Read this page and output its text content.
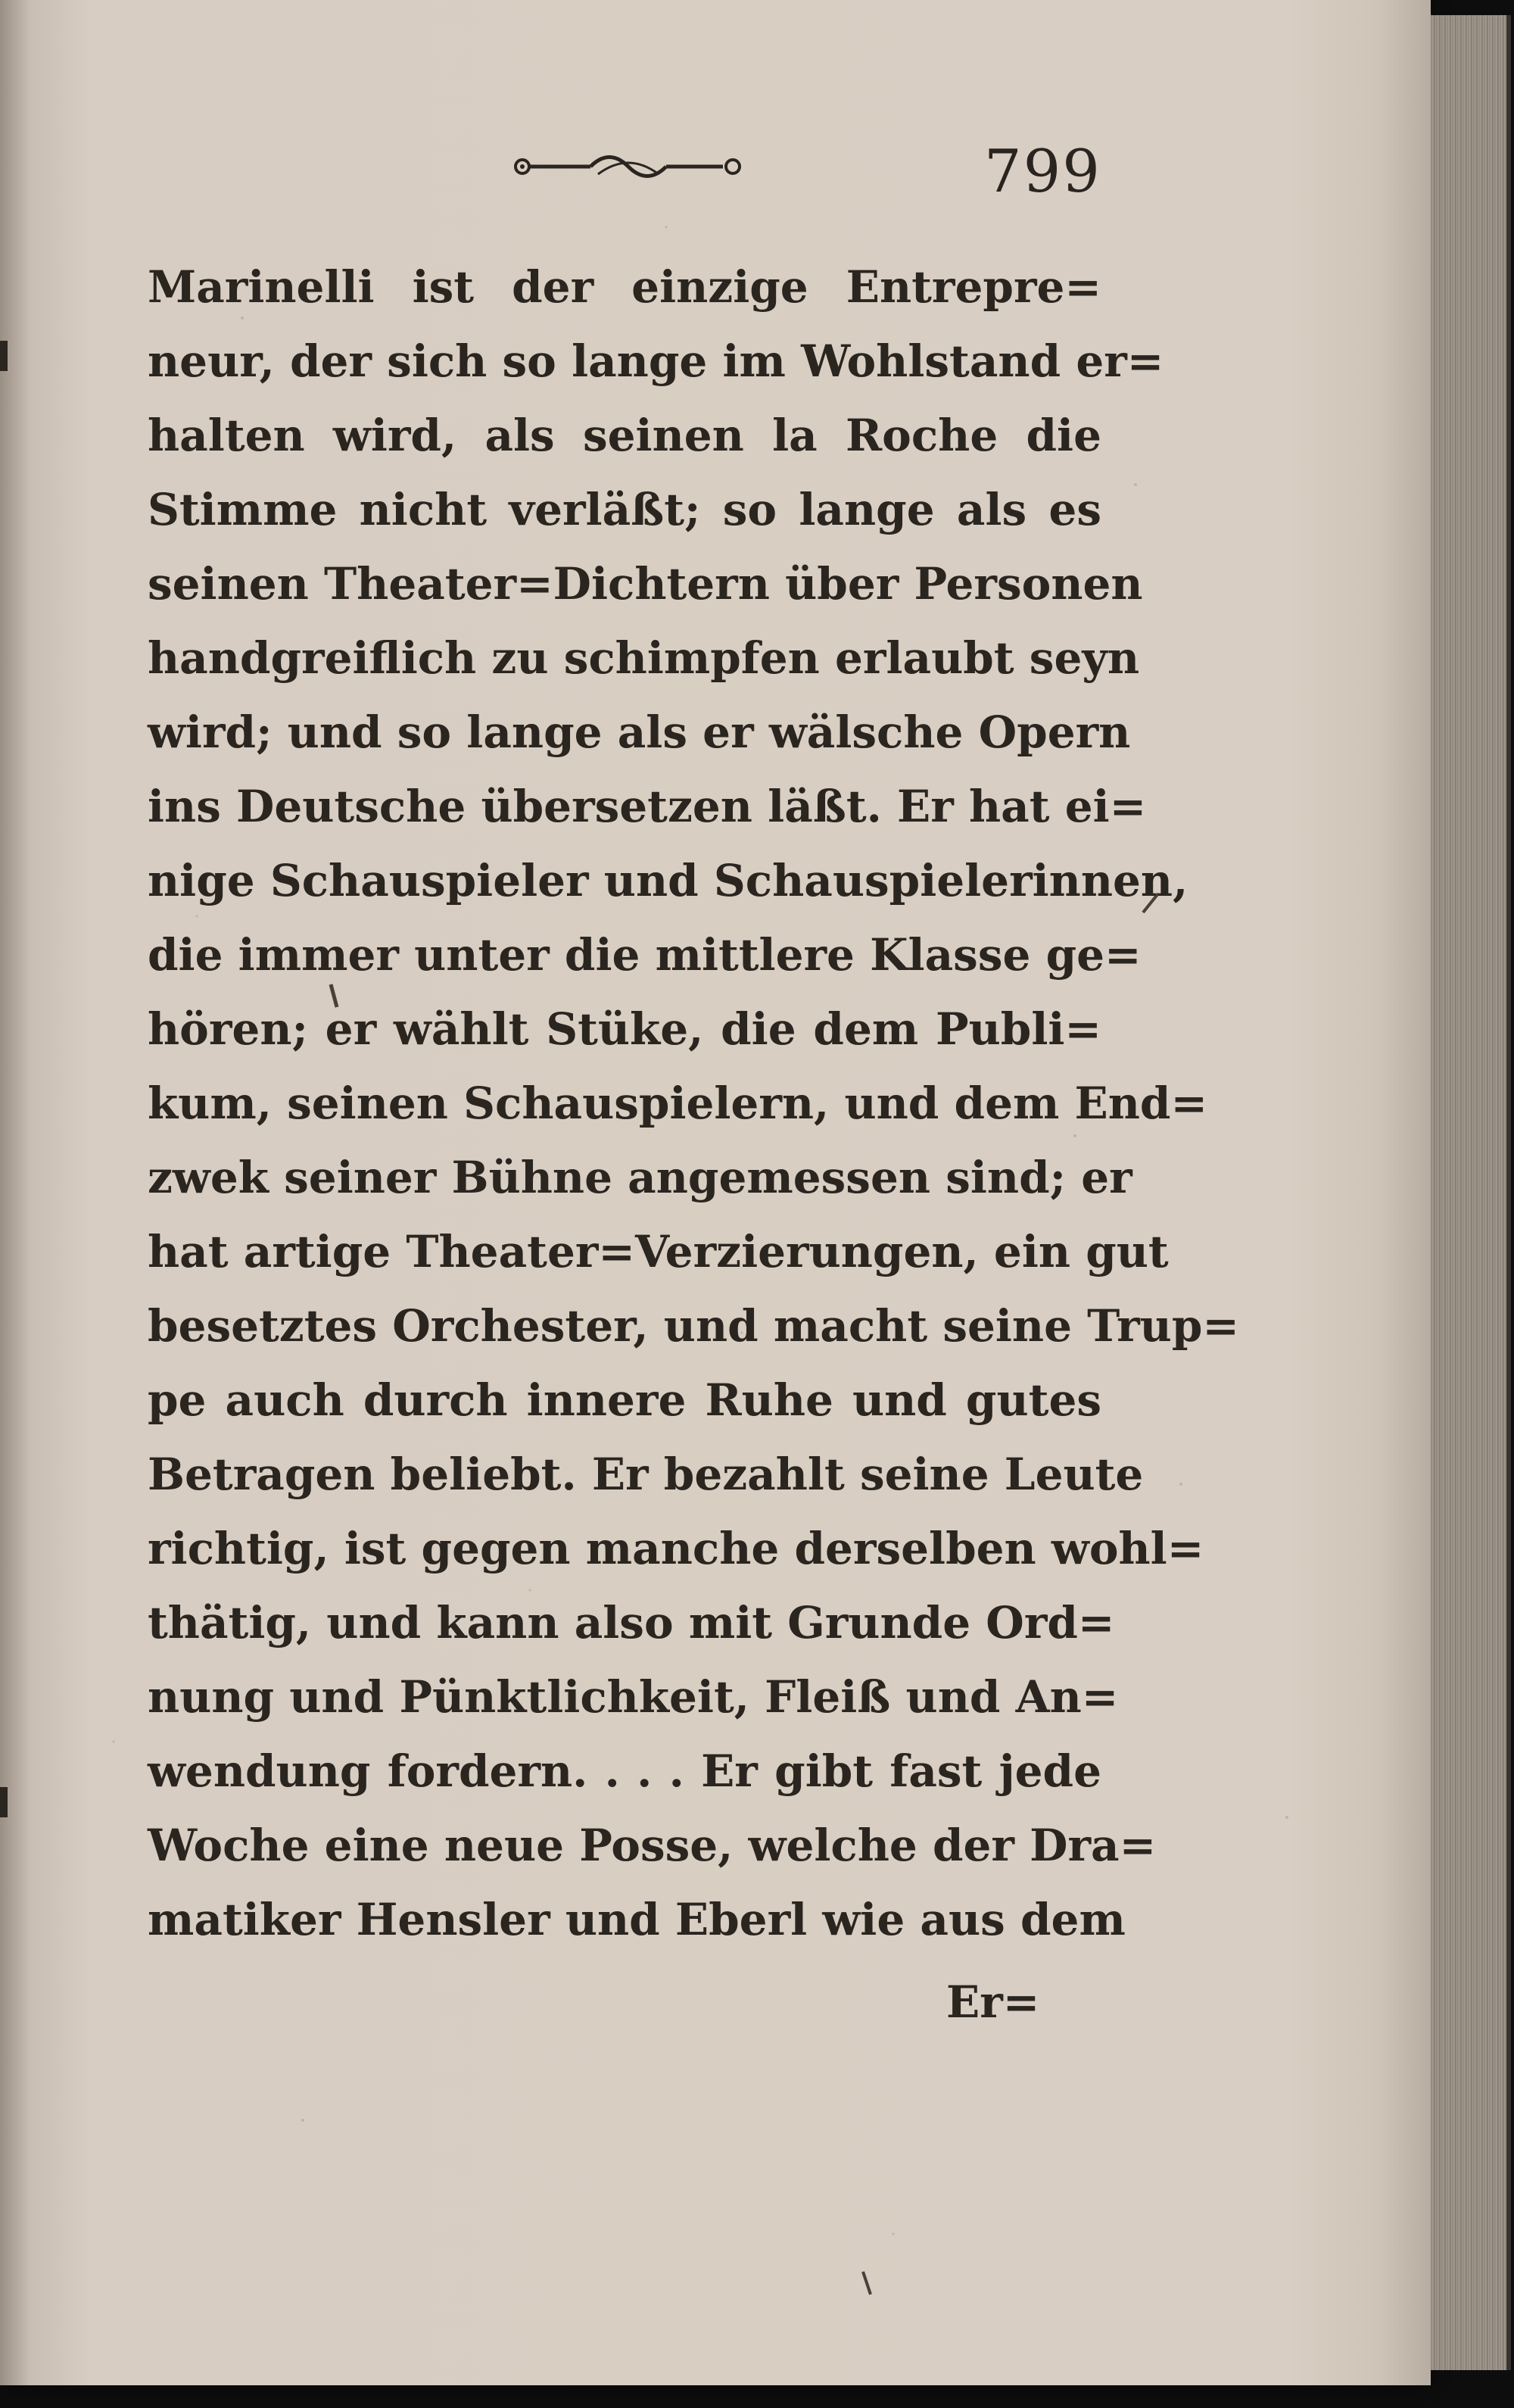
799
Marinelli ist der einzige Entrepre=
neur, der sich so lange im Wohlstand er=
halten wird, als seinen la Roche die
Stimme nicht verläßt; so lange als es
seinen Theater=Dichtern über Personen
handgreiflich zu schimpfen erlaubt seyn
wird; und so lange als er wälsche Opern
ins Deutsche übersetzen läßt. Er hat ei=
nige Schauspieler und Schauspielerinnen,
die immer unter die mittlere Klasse ge=
hören; er wählt Stüke, die dem Publi=
kum, seinen Schauspielern, und dem End=
zwek seiner Bühne angemessen sind; er
hat artige Theater=Verzierungen, ein gut
besetztes Orchester, und macht seine Trup=
pe auch durch innere Ruhe und gutes
Betragen beliebt. Er bezahlt seine Leute
richtig, ist gegen manche derselben wohl=
thätig, und kann also mit Grunde Ord=
nung und Pünktlichkeit, Fleiß und An=
wendung fordern. . . . Er gibt fast jede
Woche eine neue Posse, welche der Dra=
matiker Hensler und Eberl wie aus dem
Er=
